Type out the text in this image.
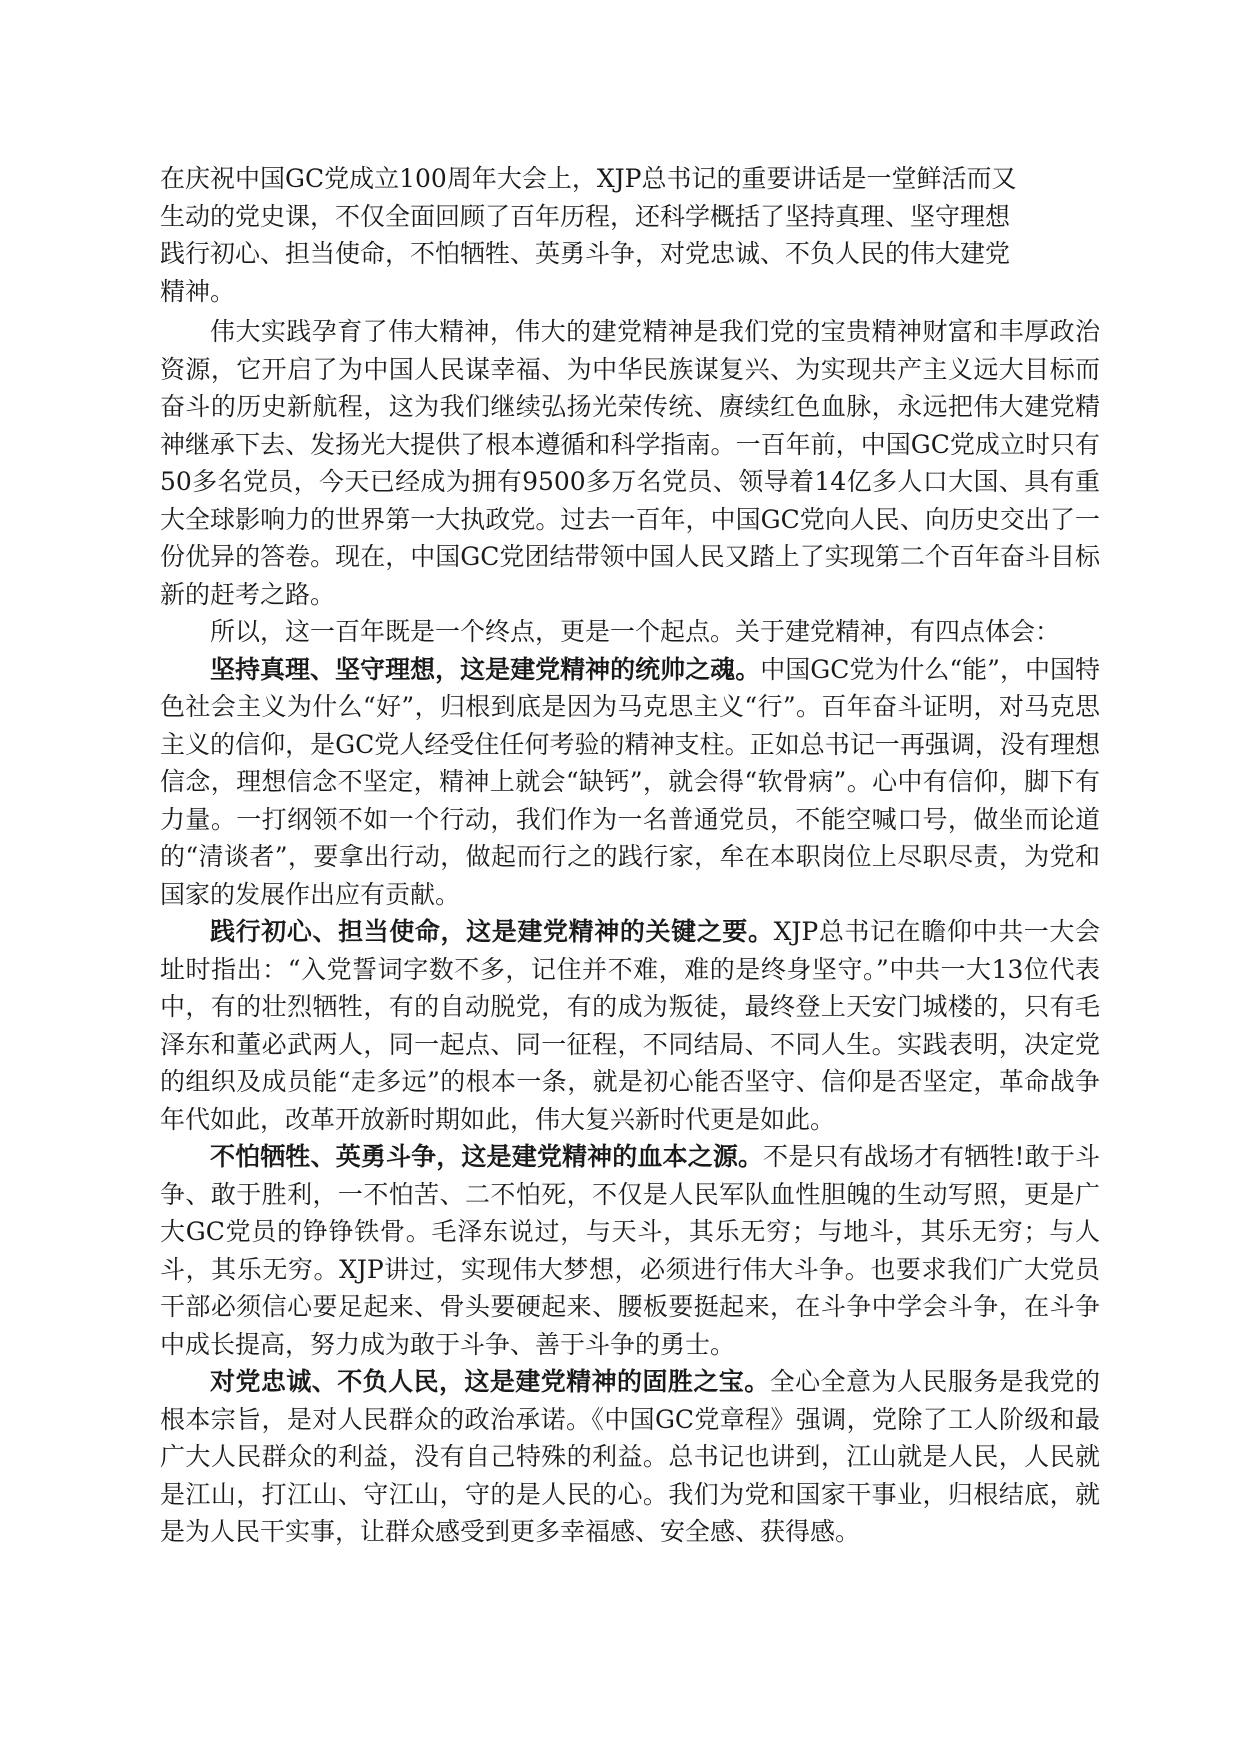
在庆祝中国GC党成立100周年大会上，XJP总书记的重要讲话是一堂鲜活而又生动的党史课，不仅全面回顾了百年历程，还科学概括了坚持真理、坚守理想践行初心、担当使命，不怕牺牲、英勇斗争，对党忠诚、不负人民的伟大建党精神。

伟大实践孕育了伟大精神，伟大的建党精神是我们党的宝贵精神财富和丰厚政治资源，它开启了为中国人民谋幸福、为中华民族谋复兴、为实现共产主义远大目标而奋斗的历史新航程，这为我们继续弘扬光荣传统、赓续红色血脉，永远把伟大建党精神继承下去、发扬光大提供了根本遵循和科学指南。一百年前，中国GC党成立时只有50多名党员，今天已经成为拥有9500多万名党员、领导着14亿多人口大国、具有重大全球影响力的世界第一大执政党。过去一百年，中国GC党向人民、向历史交出了一份优异的答卷。现在，中国GC党团结带领中国人民又踏上了实现第二个百年奋斗目标新的赶考之路。

所以，这一百年既是一个终点，更是一个起点。关于建党精神，有四点体会：

坚持真理、坚守理想，这是建党精神的统帅之魂。中国GC党为什么“能”，中国特色社会主义为什么“好”，归根到底是因为马克思主义“行”。百年奋斗证明，对马克思主义的信仰，是GC党人经受住任何考验的精神支柱。正如总书记一再强调，没有理想信念，理想信念不坚定，精神上就会“缺钙”，就会得“软骨病”。心中有信仰，脚下有力量。一打纲领不如一个行动，我们作为一名普通党员，不能空喊口号，做坐而论道的“清谈者”，要拿出行动，做起而行之的践行家，牟在本职岗位上尽职尽责，为党和国家的发展作出应有贡献。

践行初心、担当使命，这是建党精神的关键之要。XJP总书记在瞻仰中共一大会址时指出：“入党誓词字数不多，记住并不难，难的是终身坚守。”中共一大13位代表中，有的壮烈牺牲，有的自动脱党，有的成为叛徒，最终登上天安门城楼的，只有毛泽东和董必武两人，同一起点、同一征程，不同结局、不同人生。实践表明，决定党的组织及成员能“走多远”的根本一条，就是初心能否坚守、信仰是否坚定，革命战争年代如此，改革开放新时期如此，伟大复兴新时代更是如此。

不怕牺牲、英勇斗争，这是建党精神的血本之源。不是只有战场才有牺牲!敢于斗争、敢于胜利，一不怕苦、二不怕死，不仅是人民军队血性胆魄的生动写照，更是广大GC党员的铮铮铁骨。毛泽东说过，与天斗，其乐无穷；与地斗，其乐无穷；与人斗，其乐无穷。XJP讲过，实现伟大梦想，必须进行伟大斗争。也要求我们广大党员干部必须信心要足起来、骨头要硬起来、腰板要挺起来，在斗争中学会斗争，在斗争中成长提高，努力成为敢于斗争、善于斗争的勇士。

对党忠诚、不负人民，这是建党精神的固胜之宝。全心全意为人民服务是我党的根本宗旨，是对人民群众的政治承诺。《中国GC党章程》强调，党除了工人阶级和最广大人民群众的利益，没有自己特殊的利益。总书记也讲到，江山就是人民，人民就是江山，打江山、守江山，守的是人民的心。我们为党和国家干事业，归根结底，就是为人民干实事，让群众感受到更多幸福感、安全感、获得感。
